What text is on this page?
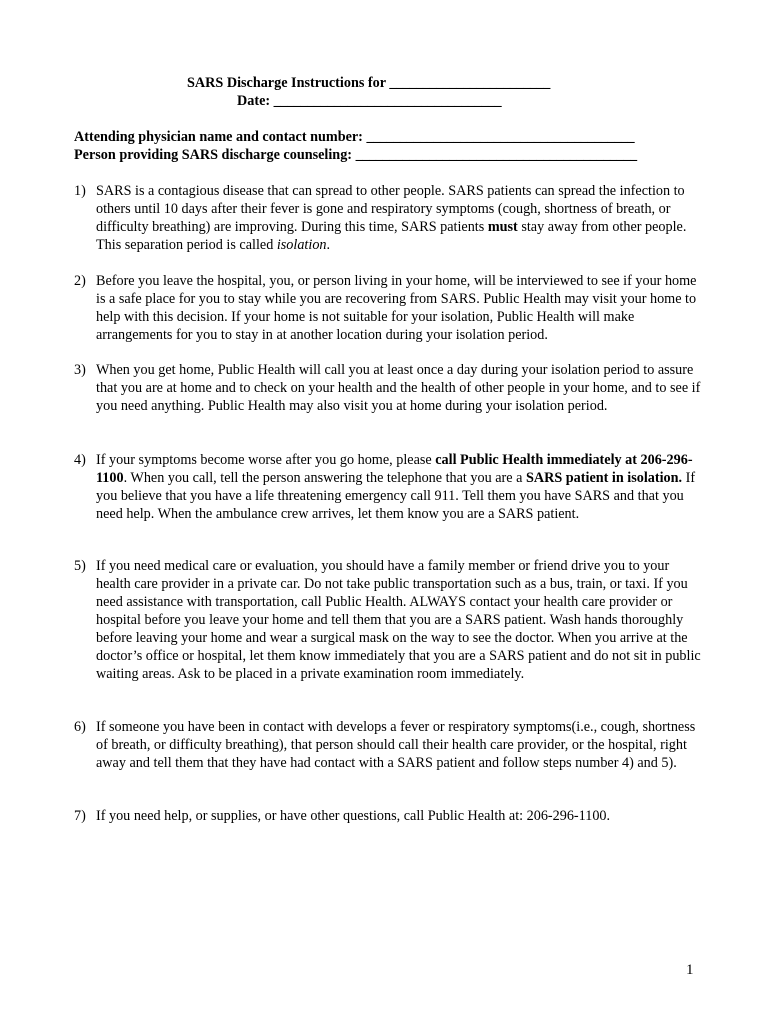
SARS Discharge Instructions for ________________________
Date: __________________________________
Attending physician name and contact number: ________________________________________
Person providing SARS discharge counseling: __________________________________________
1) SARS is a contagious disease that can spread to other people. SARS patients can spread the infection to others until 10 days after their fever is gone and respiratory symptoms (cough, shortness of breath, or difficulty breathing) are improving. During this time, SARS patients must stay away from other people. This separation period is called isolation.
2) Before you leave the hospital, you, or person living in your home, will be interviewed to see if your home is a safe place for you to stay while you are recovering from SARS. Public Health may visit your home to help with this decision. If your home is not suitable for your isolation, Public Health will make arrangements for you to stay in at another location during your isolation period.
3) When you get home, Public Health will call you at least once a day during your isolation period to assure that you are at home and to check on your health and the health of other people in your home, and to see if you need anything. Public Health may also visit you at home during your isolation period.
4) If your symptoms become worse after you go home, please call Public Health immediately at 206-296-1100. When you call, tell the person answering the telephone that you are a SARS patient in isolation. If you believe that you have a life threatening emergency call 911. Tell them you have SARS and that you need help. When the ambulance crew arrives, let them know you are a SARS patient.
5) If you need medical care or evaluation, you should have a family member or friend drive you to your health care provider in a private car. Do not take public transportation such as a bus, train, or taxi. If you need assistance with transportation, call Public Health. ALWAYS contact your health care provider or hospital before you leave your home and tell them that you are a SARS patient. Wash hands thoroughly before leaving your home and wear a surgical mask on the way to see the doctor. When you arrive at the doctor’s office or hospital, let them know immediately that you are a SARS patient and do not sit in public waiting areas. Ask to be placed in a private examination room immediately.
6) If someone you have been in contact with develops a fever or respiratory symptoms(i.e., cough, shortness of breath, or difficulty breathing), that person should call their health care provider, or the hospital, right away and tell them that they have had contact with a SARS patient and follow steps number 4) and 5).
7) If you need help, or supplies, or have other questions, call Public Health at: 206-296-1100.
1
